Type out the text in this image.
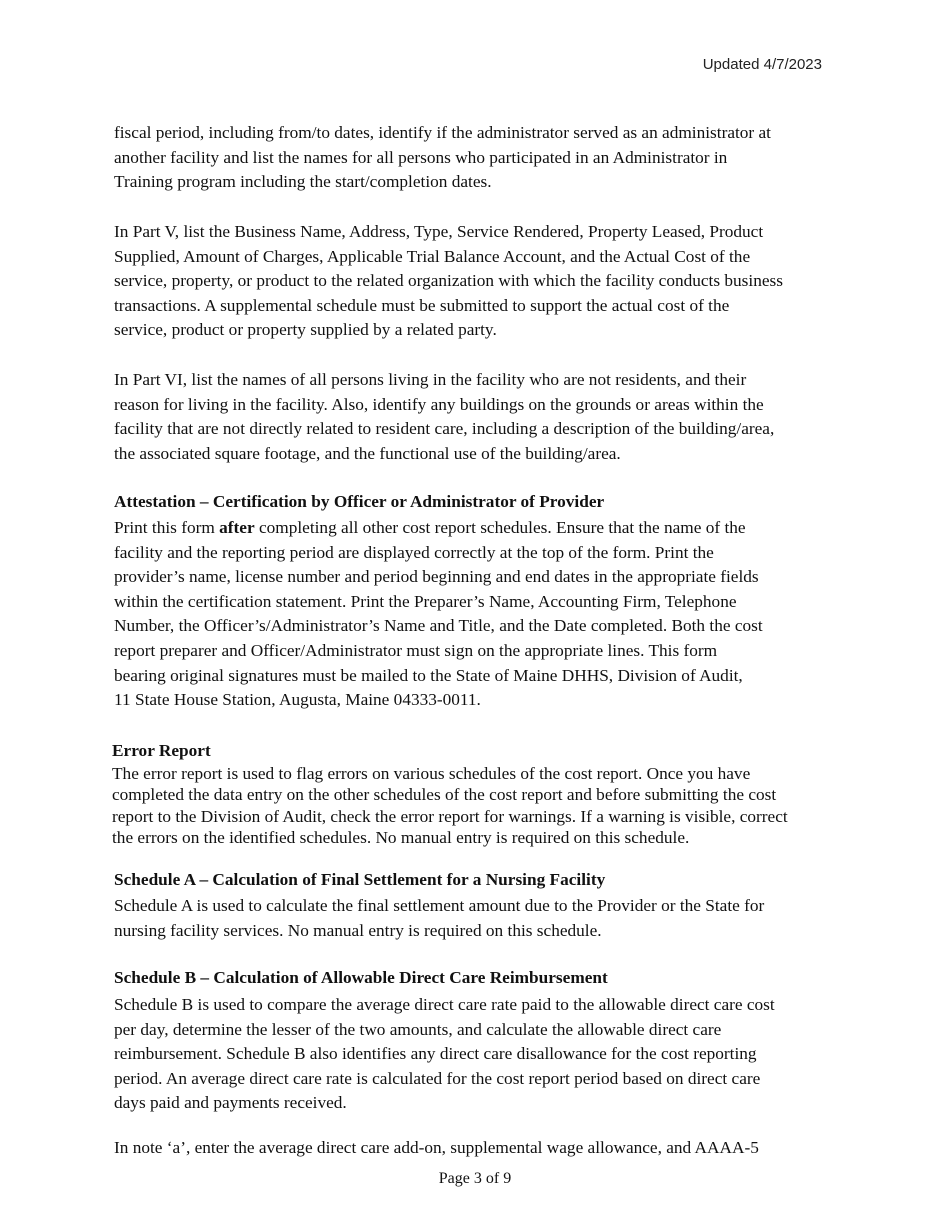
Updated 4/7/2023
fiscal period, including from/to dates, identify if the administrator served as an administrator at
another facility and list the names for all persons who participated in an Administrator in
Training program including the start/completion dates.
In Part V, list the Business Name, Address, Type, Service Rendered, Property Leased, Product
Supplied, Amount of Charges, Applicable Trial Balance Account, and the Actual Cost of the
service, property, or product to the related organization with which the facility conducts business
transactions. A supplemental schedule must be submitted to support the actual cost of the
service, product or property supplied by a related party.
In Part VI, list the names of all persons living in the facility who are not residents, and their
reason for living in the facility. Also, identify any buildings on the grounds or areas within the
facility that are not directly related to resident care, including a description of the building/area,
the associated square footage, and the functional use of the building/area.
Attestation – Certification by Officer or Administrator of Provider
Print this form after completing all other cost report schedules. Ensure that the name of the
facility and the reporting period are displayed correctly at the top of the form. Print the
provider’s name, license number and period beginning and end dates in the appropriate fields
within the certification statement. Print the Preparer’s Name, Accounting Firm, Telephone
Number, the Officer’s/Administrator’s Name and Title, and the Date completed. Both the cost
report preparer and Officer/Administrator must sign on the appropriate lines. This form
bearing original signatures must be mailed to the State of Maine DHHS, Division of Audit,
11 State House Station, Augusta, Maine 04333-0011.
Error Report
The error report is used to flag errors on various schedules of the cost report. Once you have
completed the data entry on the other schedules of the cost report and before submitting the cost
report to the Division of Audit, check the error report for warnings. If a warning is visible, correct
the errors on the identified schedules. No manual entry is required on this schedule.
Schedule A – Calculation of Final Settlement for a Nursing Facility
Schedule A is used to calculate the final settlement amount due to the Provider or the State for
nursing facility services. No manual entry is required on this schedule.
Schedule B – Calculation of Allowable Direct Care Reimbursement
Schedule B is used to compare the average direct care rate paid to the allowable direct care cost
per day, determine the lesser of the two amounts, and calculate the allowable direct care
reimbursement. Schedule B also identifies any direct care disallowance for the cost reporting
period. An average direct care rate is calculated for the cost report period based on direct care
days paid and payments received.
In note ‘a’, enter the average direct care add-on, supplemental wage allowance, and AAAA-5
Page 3 of 9
